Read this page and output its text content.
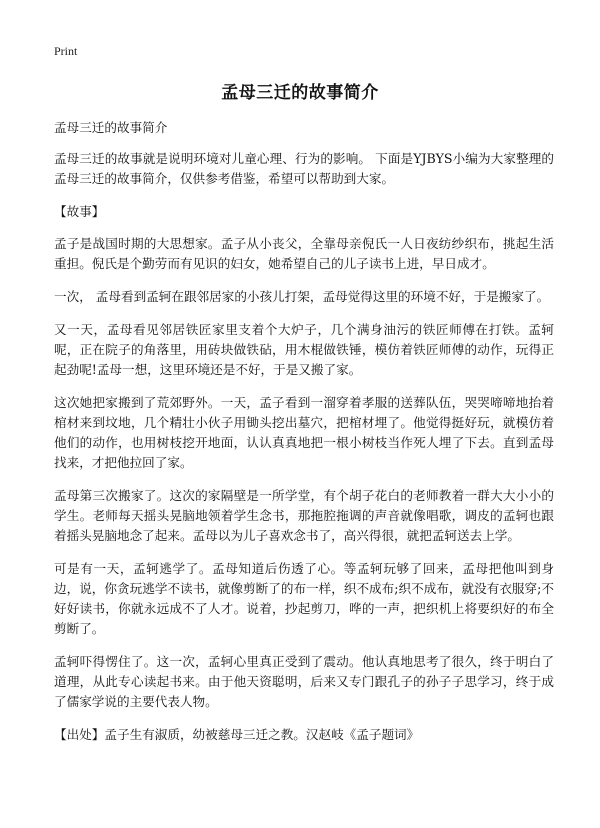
Print
孟母三迁的故事简介

孟母三迁的故事简介

孟母三迁的故事就是说明环境对儿童心理、行为的影响。 下面是YJBYS小编为大家整理的孟母三迁的故事简介，仅供参考借鉴，希望可以帮助到大家。

【故事】

孟子是战国时期的大思想家。孟子从小丧父，全靠母亲倪氏一人日夜纺纱织布，挑起生活重担。倪氏是个勤劳而有见识的妇女，她希望自己的儿子读书上进，早日成才。

一次， 孟母看到孟轲在跟邻居家的小孩儿打架，孟母觉得这里的环境不好，于是搬家了。

又一天，孟母看见邻居铁匠家里支着个大炉子，几个满身油污的铁匠师傅在打铁。孟轲呢，正在院子的角落里，用砖块做铁砧，用木棍做铁锤，模仿着铁匠师傅的动作，玩得正起劲呢!孟母一想，这里环境还是不好，于是又搬了家。

这次她把家搬到了荒郊野外。一天，孟子看到一溜穿着孝服的送葬队伍，哭哭啼啼地抬着棺材来到坟地，几个精壮小伙子用锄头挖出墓穴，把棺材埋了。他觉得挺好玩，就模仿着他们的动作，也用树枝挖开地面，认认真真地把一根小树枝当作死人埋了下去。直到孟母找来，才把他拉回了家。

孟母第三次搬家了。这次的家隔壁是一所学堂，有个胡子花白的老师教着一群大大小小的学生。老师每天摇头晃脑地领着学生念书，那拖腔拖调的声音就像唱歌，调皮的孟轲也跟着摇头晃脑地念了起来。孟母以为儿子喜欢念书了，高兴得很，就把孟轲送去上学。

可是有一天，孟轲逃学了。孟母知道后伤透了心。等孟轲玩够了回来，孟母把他叫到身边，说，你贪玩逃学不读书，就像剪断了的布一样，织不成布;织不成布，就没有衣服穿;不好好读书，你就永远成不了人才。说着，抄起剪刀，哗的一声，把织机上将要织好的布全剪断了。

孟轲吓得愣住了。这一次，孟轲心里真正受到了震动。他认真地思考了很久，终于明白了道理，从此专心读起书来。由于他天资聪明，后来又专门跟孔子的孙子子思学习，终于成了儒家学说的主要代表人物。

【出处】孟子生有淑质，幼被慈母三迁之教。汉赵岐《孟子题词》
